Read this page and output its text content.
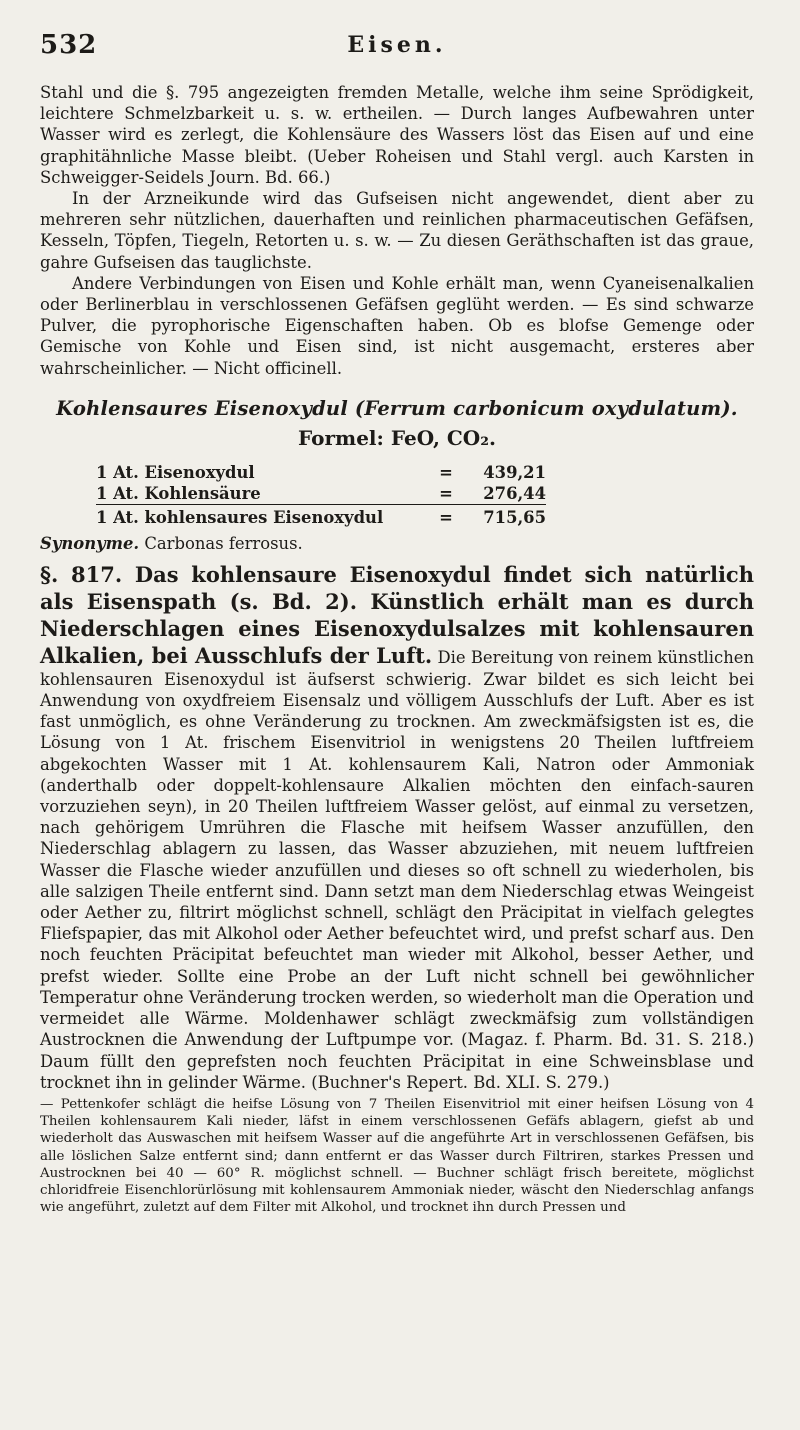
532	Eisen.

Stahl und die §. 795 angezeigten fremden Metalle, welche ihm seine Sprödigkeit, leichtere Schmelzbarkeit u. s. w. ertheilen. — Durch langes Aufbewahren unter Wasser wird es zerlegt, die Kohlensäure des Wassers löst das Eisen auf und eine graphitähnliche Masse bleibt. (Ueber Roheisen und Stahl vergl. auch Karsten in Schweigger-Seidels Journ. Bd. 66.)

In der Arzneikunde wird das Gufseisen nicht angewendet, dient aber zu mehreren sehr nützlichen, dauerhaften und reinlichen pharmaceutischen Gefäfsen, Kesseln, Töpfen, Tiegeln, Retorten u. s. w. — Zu diesen Geräthschaften ist das graue, gahre Gufseisen das tauglichste.

Andere Verbindungen von Eisen und Kohle erhält man, wenn Cyaneisenalkalien oder Berlinerblau in verschlossenen Gefäfsen geglüht werden. — Es sind schwarze Pulver, die pyrophorische Eigenschaften haben. Ob es blofse Gemenge oder Gemische von Kohle und Eisen sind, ist nicht ausgemacht, ersteres aber wahrscheinlicher. — Nicht officinell.

Kohlensaures Eisenoxydul (Ferrum carbonicum oxydulatum).
Formel: FeO, CO₂.
1 At. Eisenoxydul	=	439,21
1 At. Kohlensäure	=	276,44
1 At. kohlensaures Eisenoxydul	=	715,65
Synonyme. Carbonas ferrosus.

§. 817. Das kohlensaure Eisenoxydul findet sich natürlich als Eisenspath (s. Bd. 2). Künstlich erhält man es durch Niederschlagen eines Eisenoxydulsalzes mit kohlensauren Alkalien, bei Ausschlufs der Luft. Die Bereitung von reinem künstlichen kohlensauren Eisenoxydul ist äufserst schwierig. Zwar bildet es sich leicht bei Anwendung von oxydfreiem Eisensalz und völligem Ausschlufs der Luft. Aber es ist fast unmöglich, es ohne Veränderung zu trocknen. Am zweckmäfsigsten ist es, die Lösung von 1 At. frischem Eisenvitriol in wenigstens 20 Theilen luftfreiem abgekochten Wasser mit 1 At. kohlensaurem Kali, Natron oder Ammoniak (anderthalb oder doppelt-kohlensaure Alkalien möchten den einfach-sauren vorzuziehen seyn), in 20 Theilen luftfreiem Wasser gelöst, auf einmal zu versetzen, nach gehörigem Umrühren die Flasche mit heifsem Wasser anzufüllen, den Niederschlag ablagern zu lassen, das Wasser abzuziehen, mit neuem luftfreien Wasser die Flasche wieder anzufüllen und dieses so oft schnell zu wiederholen, bis alle salzigen Theile entfernt sind. Dann setzt man dem Niederschlag etwas Weingeist oder Aether zu, filtrirt möglichst schnell, schlägt den Präcipitat in vielfach gelegtes Fliefspapier, das mit Alkohol oder Aether befeuchtet wird, und prefst scharf aus. Den noch feuchten Präcipitat befeuchtet man wieder mit Alkohol, besser Aether, und prefst wieder. Sollte eine Probe an der Luft nicht schnell bei gewöhnlicher Temperatur ohne Veränderung trocken werden, so wiederholt man die Operation und vermeidet alle Wärme. Moldenhawer schlägt zweckmäfsig zum vollständigen Austrocknen die Anwendung der Luftpumpe vor. (Magaz. f. Pharm. Bd. 31. S. 218.) Daum füllt den geprefsten noch feuchten Präcipitat in eine Schweinsblase und trocknet ihn in gelinder Wärme. (Buchner's Repert. Bd. XLI. S. 279.)

— Pettenkofer schlägt die heifse Lösung von 7 Theilen Eisenvitriol mit einer heifsen Lösung von 4 Theilen kohlensaurem Kali nieder, läfst in einem verschlossenen Gefäfs ablagern, giefst ab und wiederholt das Auswaschen mit heifsem Wasser auf die angeführte Art in verschlossenen Gefäfsen, bis alle löslichen Salze entfernt sind; dann entfernt er das Wasser durch Filtriren, starkes Pressen und Austrocknen bei 40 — 60° R. möglichst schnell. — Buchner schlägt frisch bereitete, möglichst chloridfreie Eisenchlorürlösung mit kohlensaurem Ammoniak nieder, wäscht den Niederschlag anfangs wie angeführt, zuletzt auf dem Filter mit Alkohol, und trocknet ihn durch Pressen und
